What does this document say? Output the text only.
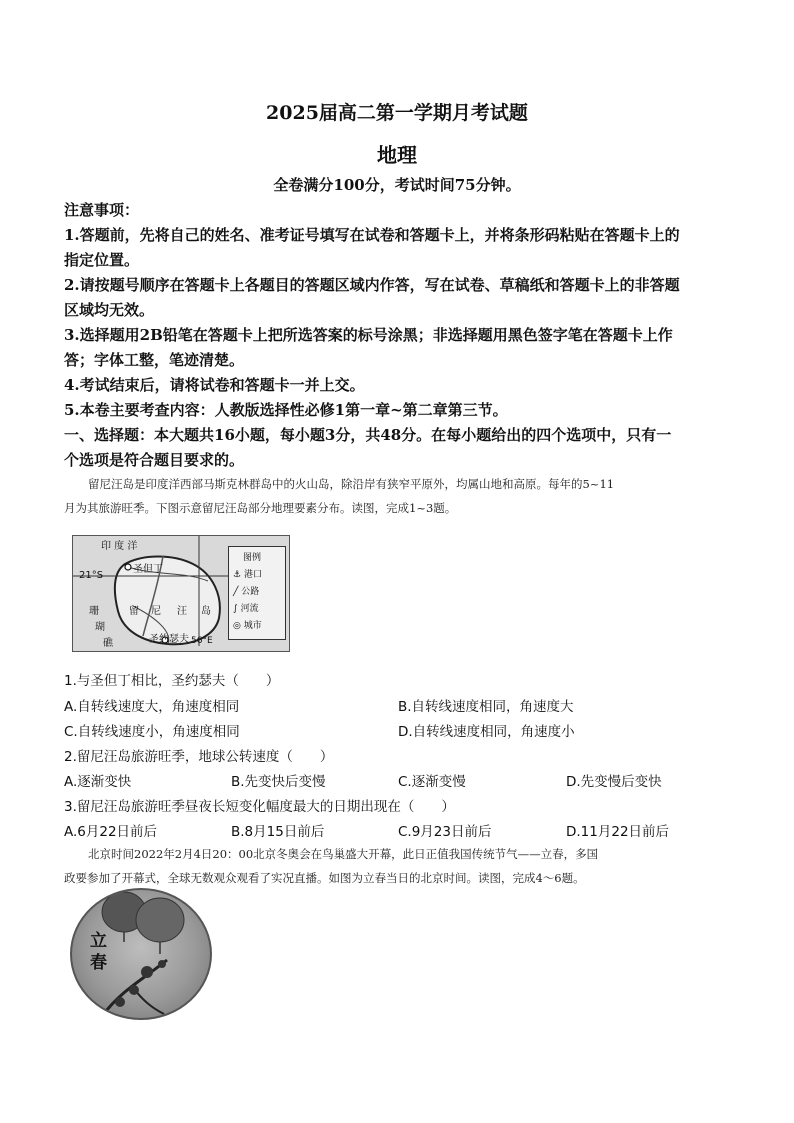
2025届高二第一学期月考试题
地理
全卷满分100分，考试时间75分钟。
注意事项：
1.答题前，先将自己的姓名、准考证号填写在试卷和答题卡上，并将条形码粘贴在答题卡上的
指定位置。
2.请按题号顺序在答题卡上各题目的答题区域内作答，写在试卷、草稿纸和答题卡上的非答题
区域均无效。
3.选择题用2B铅笔在答题卡上把所选答案的标号涂黑；非选择题用黑色签字笔在答题卡上作
答；字体工整，笔迹清楚。
4.考试结束后，请将试卷和答题卡一并上交。
5.本卷主要考查内容：人教版选择性必修1第一章~第二章第三节。
一、选择题：本大题共16小题，每小题3分，共48分。在每小题给出的四个选项中，只有一
个选项是符合题目要求的。
留尼汪岛是印度洋西部马斯克林群岛中的火山岛，除沿岸有狭窄平原外，均属山地和高原。每年的5~11
月为其旅游旺季。下图示意留尼汪岛部分地理要素分布。读图，完成1~3题。
印 度 洋
21°S
56°E
圣但丁
圣约瑟夫
留 尼 汪 岛
珊
瑚
礁
图例
⚓ 港口
╱ 公路
∫ 河流
◎ 城市
1.与圣但丁相比，圣约瑟夫（　　）
A.自转线速度大，角速度相同	B.自转线速度相同，角速度大
C.自转线速度小，角速度相同	D.自转线速度相同，角速度小
2.留尼汪岛旅游旺季，地球公转速度（　　）
A.逐渐变快	B.先变快后变慢	C.逐渐变慢	D.先变慢后变快
3.留尼汪岛旅游旺季昼夜长短变化幅度最大的日期出现在（　　）
A.6月22日前后	B.8月15日前后	C.9月23日前后	D.11月22日前后
北京时间2022年2月4日20：00北京冬奥会在鸟巢盛大开幕，此日正值我国传统节气——立春，多国
政要参加了开幕式，全球无数观众观看了实况直播。如图为立春当日的北京时间。读图，完成4～6题。
立春
